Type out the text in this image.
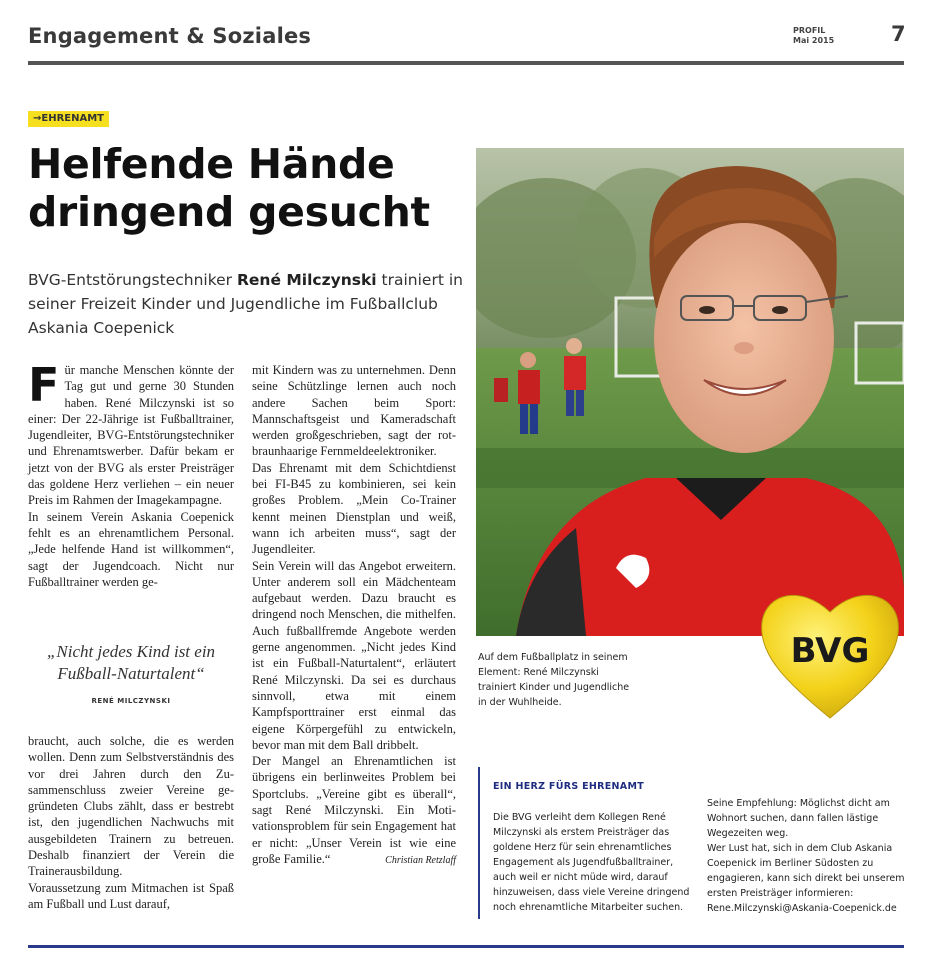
Engagement & Soziales	PROFIL
Mai 2015	7
→EHRENAMT
Helfende Hände
dringend gesucht
BVG-Entstörungstechniker René Milczynski trainiert in seiner Freizeit Kinder und Jugendliche im Fußballclub Askania Coepenick

Für manche Menschen könnte der Tag gut und gerne 30 Stunden haben. René Milczynski ist so einer: Der 22-Jährige ist Fußballtrainer, Jugendleiter, BVG-Entstörungstechniker und Ehrenamtswerber. Dafür bekam er jetzt von der BVG als erster Preisträger das goldene Herz verliehen – ein neuer Preis im Rahmen der Imagekampagne.

In seinem Verein Askania Coepenick fehlt es an ehrenamtlichem Personal. „Jede helfende Hand ist willkommen“, sagt der Jugendcoach. Nicht nur Fußballtrainer werden ge-

„Nicht jedes Kind ist ein Fußball-Naturtalent“
RENÉ MILCZYNSKI

braucht, auch solche, die es werden wollen. Denn zum Selbstverständnis des vor drei Jahren durch den Zusammenschluss zweier Vereine gegründeten Clubs zählt, dass er bestrebt ist, den jugendlichen Nachwuchs mit ausgebildeten Trainern zu betreuen. Deshalb finanziert der Verein die Trainerausbildung.

Voraussetzung zum Mitmachen ist Spaß am Fußball und Lust darauf,

mit Kindern was zu unternehmen. Denn seine Schützlinge lernen auch noch andere Sachen beim Sport: Mannschaftsgeist und Kameradschaft werden großgeschrieben, sagt der rotbraunhaarige Fernmeldeelektroniker.

Das Ehrenamt mit dem Schichtdienst bei FI-B45 zu kombinieren, sei kein großes Problem. „Mein Co-Trainer kennt meinen Dienstplan und weiß, wann ich arbeiten muss“, sagt der Jugendleiter.

Sein Verein will das Angebot erweitern. Unter anderem soll ein Mädchenteam aufgebaut werden. Dazu braucht es dringend noch Menschen, die mithelfen. Auch fußballfremde Angebote werden gerne angenommen. „Nicht jedes Kind ist ein Fußball-Naturtalent“, erläutert René Milczynski. Da sei es durchaus sinnvoll, etwa mit einem Kampfsporttrainer erst einmal das eigene Körpergefühl zu entwickeln, bevor man mit dem Ball dribbelt.

Der Mangel an Ehrenamtlichen ist übrigens ein berlinweites Problem bei Sportclubs. „Vereine gibt es überall“, sagt René Milczynski. Ein Motivationsproblem für sein Engagement hat er nicht: „Unser Verein ist wie eine große Familie.“	Christian Retzlaff

Auf dem Fußballplatz in seinem Element: René Milczynski trainiert Kinder und Jugendliche in der Wuhlheide.
BVG
EIN HERZ FÜRS EHRENAMT
Die BVG verleiht dem Kollegen René Milczynski als erstem Preisträger das goldene Herz für sein ehrenamtliches Engagement als Jugendfußballtrainer, auch weil er nicht müde wird, darauf hinzuweisen, dass viele Vereine dringend noch ehrenamtliche Mitarbeiter suchen.
Seine Empfehlung: Möglichst dicht am Wohnort suchen, dann fallen lästige Wegezeiten weg.
Wer Lust hat, sich in dem Club Askania Coepenick im Berliner Südosten zu engagieren, kann sich direkt bei unserem ersten Preisträger informieren:
Rene.Milczynski@Askania-Coepenick.de
